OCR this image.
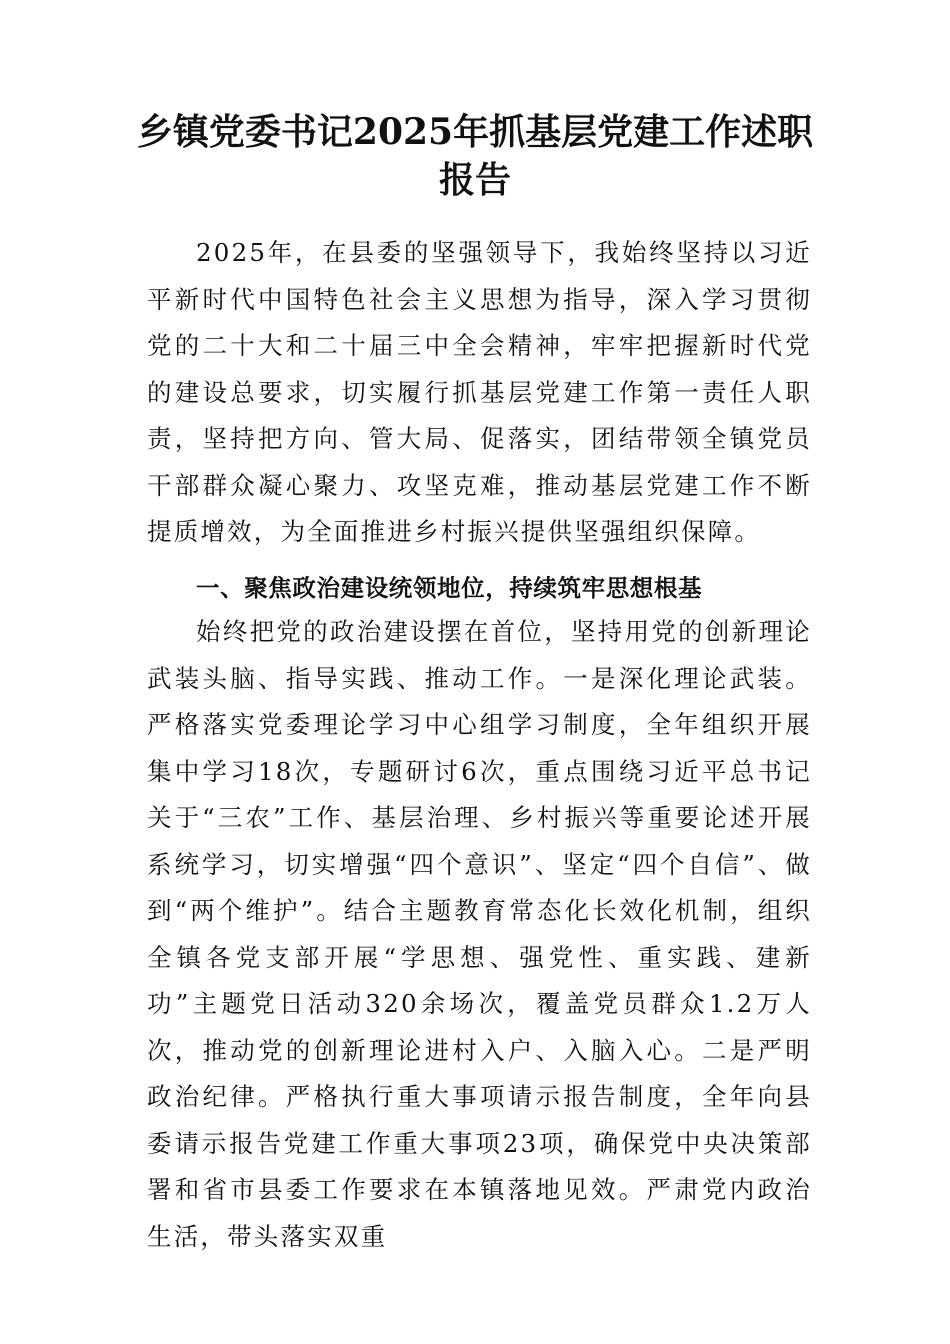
乡镇党委书记2025年抓基层党建工作述职
报告

2025年，在县委的坚强领导下，我始终坚持以习近平新时代中国特色社会主义思想为指导，深入学习贯彻党的二十大和二十届三中全会精神，牢牢把握新时代党的建设总要求，切实履行抓基层党建工作第一责任人职责，坚持把方向、管大局、促落实，团结带领全镇党员干部群众凝心聚力、攻坚克难，推动基层党建工作不断提质增效，为全面推进乡村振兴提供坚强组织保障。

一、聚焦政治建设统领地位，持续筑牢思想根基

始终把党的政治建设摆在首位，坚持用党的创新理论武装头脑、指导实践、推动工作。一是深化理论武装。严格落实党委理论学习中心组学习制度，全年组织开展集中学习18次，专题研讨6次，重点围绕习近平总书记关于“三农”工作、基层治理、乡村振兴等重要论述开展系统学习，切实增强“四个意识”、坚定“四个自信”、做到“两个维护”。结合主题教育常态化长效化机制，组织全镇各党支部开展“学思想、强党性、重实践、建新功”主题党日活动320余场次，覆盖党员群众1.2万人次，推动党的创新理论进村入户、入脑入心。二是严明政治纪律。严格执行重大事项请示报告制度，全年向县委请示报告党建工作重大事项23项，确保党中央决策部署和省市县委工作要求在本镇落地见效。严肃党内政治生活，带头落实双重
